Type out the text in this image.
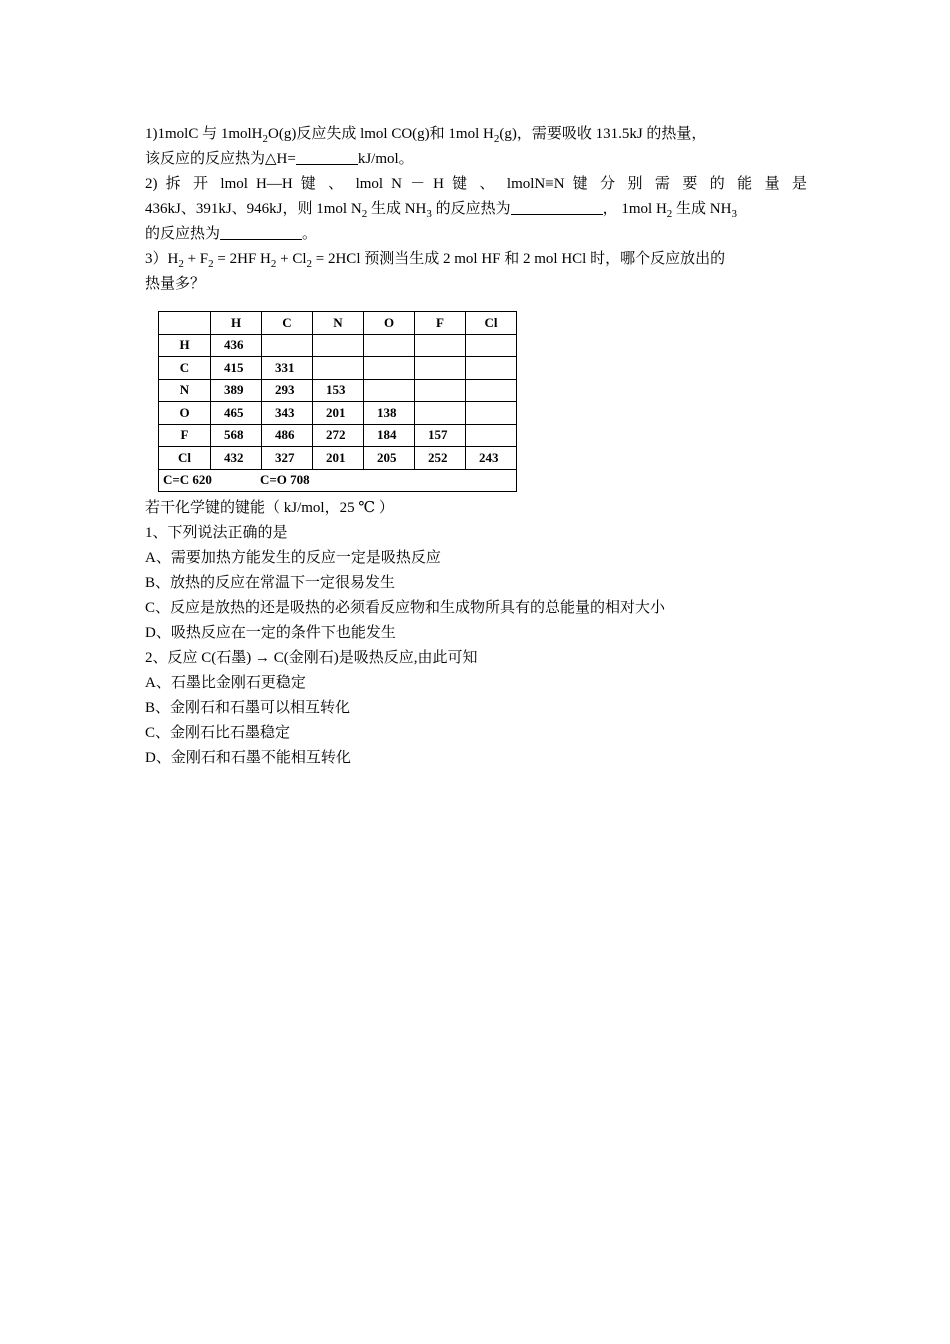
1)1molC 与 1molH$_2$O(g)反应失成 lmol CO(g)和 1mol $H_2(g)$，需要吸收 131.5kJ 的热量，
该反应的反应热为△H=	kJ/mol。
2) 拆 开 lmol H—H 键 、 lmol N － H 键 、 lmolN≡N 键 分 别 需 要 的 能 量 是
436kJ、391kJ、946kJ，则 1mol $N_2$ 生成 $NH_3$ 的反应热为	， 1mol $H_2$ 生成 $NH_3$
的反应热为	。
$3)H_2 + F_2 = 2HF$ $H_2 + Cl_2 = 2HCl$ 预测当生成 2 mol HF 和 2 mol HCl 时，哪个反应放出的
热量多？
	H	C	N	O	F	Cl
H	436					
C	415	331				
N	389	293	153			
O	465	343	201	138		
F	568	486	272	184	157	
Cl	432	327	201	205	252	243
C=C 620 C=O 708						
若干化学键的键能（ kJ/mol，25 ℃ ）
1、下列说法正确的是
A、需要加热方能发生的反应一定是吸热反应
B、放热的反应在常温下一定很易发生
C、反应是放热的还是吸热的必须看反应物和生成物所具有的总能量的相对大小
D、吸热反应在一定的条件下也能发生
2、反应 C(石墨) → C(金刚石)是吸热反应,由此可知
A、石墨比金刚石更稳定
B、金刚石和石墨可以相互转化
C、金刚石比石墨稳定
D、金刚石和石墨不能相互转化
